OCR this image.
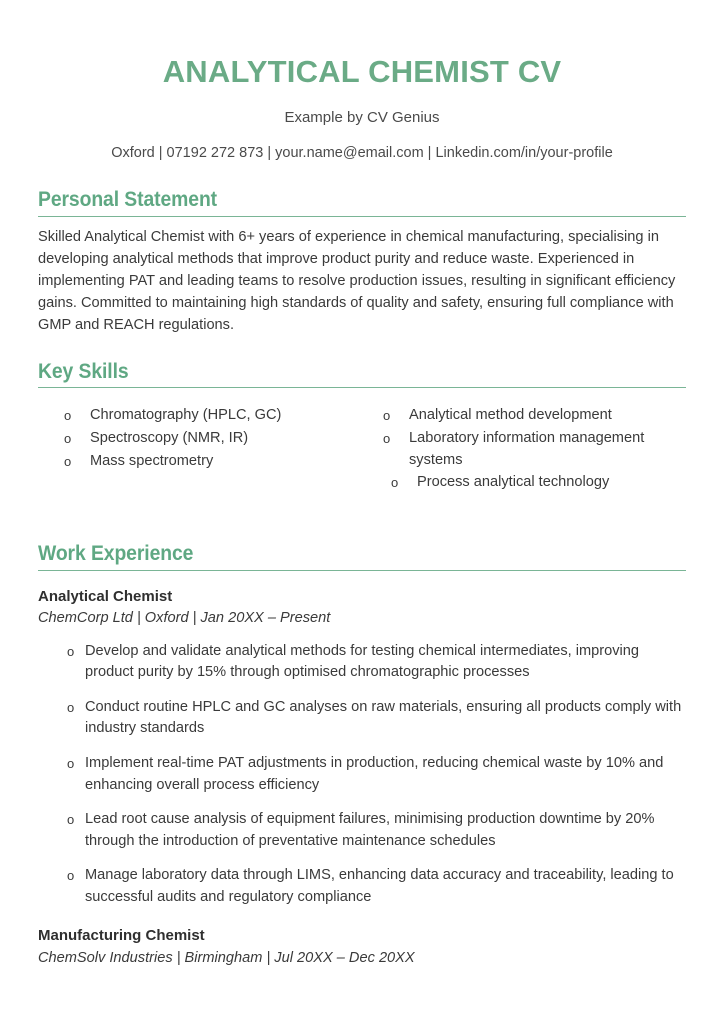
ANALYTICAL CHEMIST CV
Example by CV Genius
Oxford | 07192 272 873 | your.name@email.com | Linkedin.com/in/your-profile
Personal Statement

Skilled Analytical Chemist with 6+ years of experience in chemical manufacturing, specialising in developing analytical methods that improve product purity and reduce waste. Experienced in implementing PAT and leading teams to resolve production issues, resulting in significant efficiency gains. Committed to maintaining high standards of quality and safety, ensuring full compliance with GMP and REACH regulations.

Key Skills
o	Chromatography (HPLC, GC)
o	Spectroscopy (NMR, IR)
o	Mass spectrometry
o	Analytical method development
o	Laboratory information management systems
o	Process analytical technology
Work Experience
Analytical Chemist
ChemCorp Ltd | Oxford | Jan 20XX – Present
o Develop and validate analytical methods for testing chemical intermediates, improving product purity by 15% through optimised chromatographic processes
o Conduct routine HPLC and GC analyses on raw materials, ensuring all products comply with industry standards
o Implement real-time PAT adjustments in production, reducing chemical waste by 10% and enhancing overall process efficiency
o Lead root cause analysis of equipment failures, minimising production downtime by 20% through the introduction of preventative maintenance schedules
o Manage laboratory data through LIMS, enhancing data accuracy and traceability, leading to successful audits and regulatory compliance
Manufacturing Chemist
ChemSolv Industries | Birmingham | Jul 20XX – Dec 20XX
